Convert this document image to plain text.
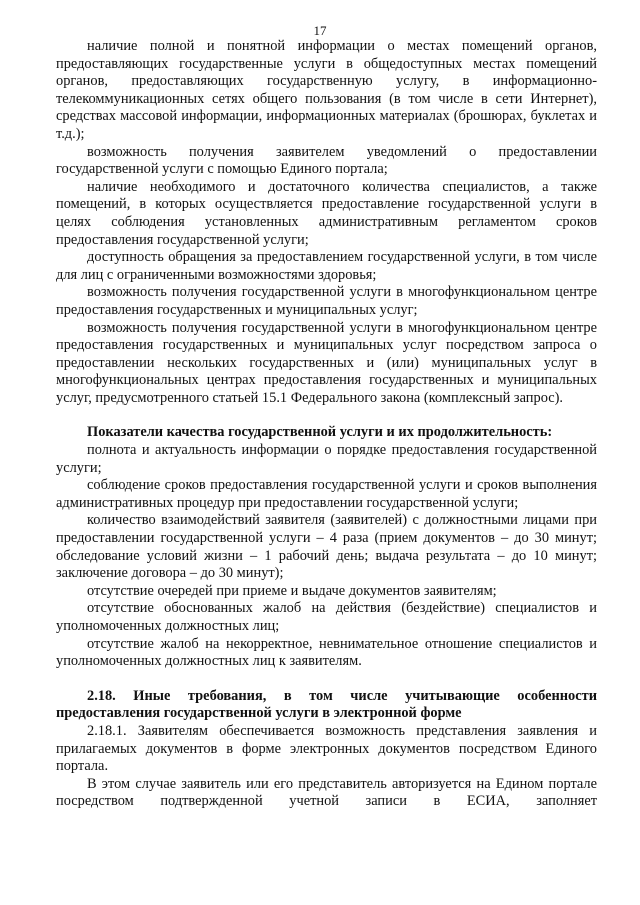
17

наличие полной и понятной информации о местах помещений органов, предоставляющих государственные услуги в общедоступных местах помещений органов, предоставляющих государственную услугу, в информационно-телекоммуникационных сетях общего пользования (в том числе в сети Интернет), средствах массовой информации, информационных материалах (брошюрах, буклетах и т.д.);

возможность получения заявителем уведомлений о предоставлении государственной услуги с помощью Единого портала;

наличие необходимого и достаточного количества специалистов, а также помещений, в которых осуществляется предоставление государственной услуги в целях соблюдения установленных административным регламентом сроков предоставления государственной услуги;

доступность обращения за предоставлением государственной услуги, в том числе для лиц с ограниченными возможностями здоровья;

возможность получения государственной услуги в многофункциональном центре предоставления государственных и муниципальных услуг;

возможность получения государственной услуги в многофункциональном центре предоставления государственных и муниципальных услуг посредством запроса о предоставлении нескольких государственных и (или) муниципальных услуг в многофункциональных центрах предоставления государственных и муниципальных услуг, предусмотренного статьей 15.1 Федерального закона (комплексный запрос).

Показатели качества государственной услуги и их продолжительность:

полнота и актуальность информации о порядке предоставления государственной услуги;

соблюдение сроков предоставления государственной услуги и сроков выполнения административных процедур при предоставлении государственной услуги;

количество взаимодействий заявителя (заявителей) с должностными лицами при предоставлении государственной услуги – 4 раза (прием документов – до 30 минут; обследование условий жизни – 1 рабочий день; выдача результата – до 10 минут; заключение договора – до 30 минут);

отсутствие очередей при приеме и выдаче документов заявителям;

отсутствие обоснованных жалоб на действия (бездействие) специалистов и уполномоченных должностных лиц;

отсутствие жалоб на некорректное, невнимательное отношение специалистов и уполномоченных должностных лиц к заявителям.

2.18. Иные требования, в том числе учитывающие особенности предоставления государственной услуги в электронной форме

2.18.1. Заявителям обеспечивается возможность представления заявления и прилагаемых документов в форме электронных документов посредством Единого портала.

В этом случае заявитель или его представитель авторизуется на Едином портале посредством подтвержденной учетной записи в ЕСИА, заполняет
